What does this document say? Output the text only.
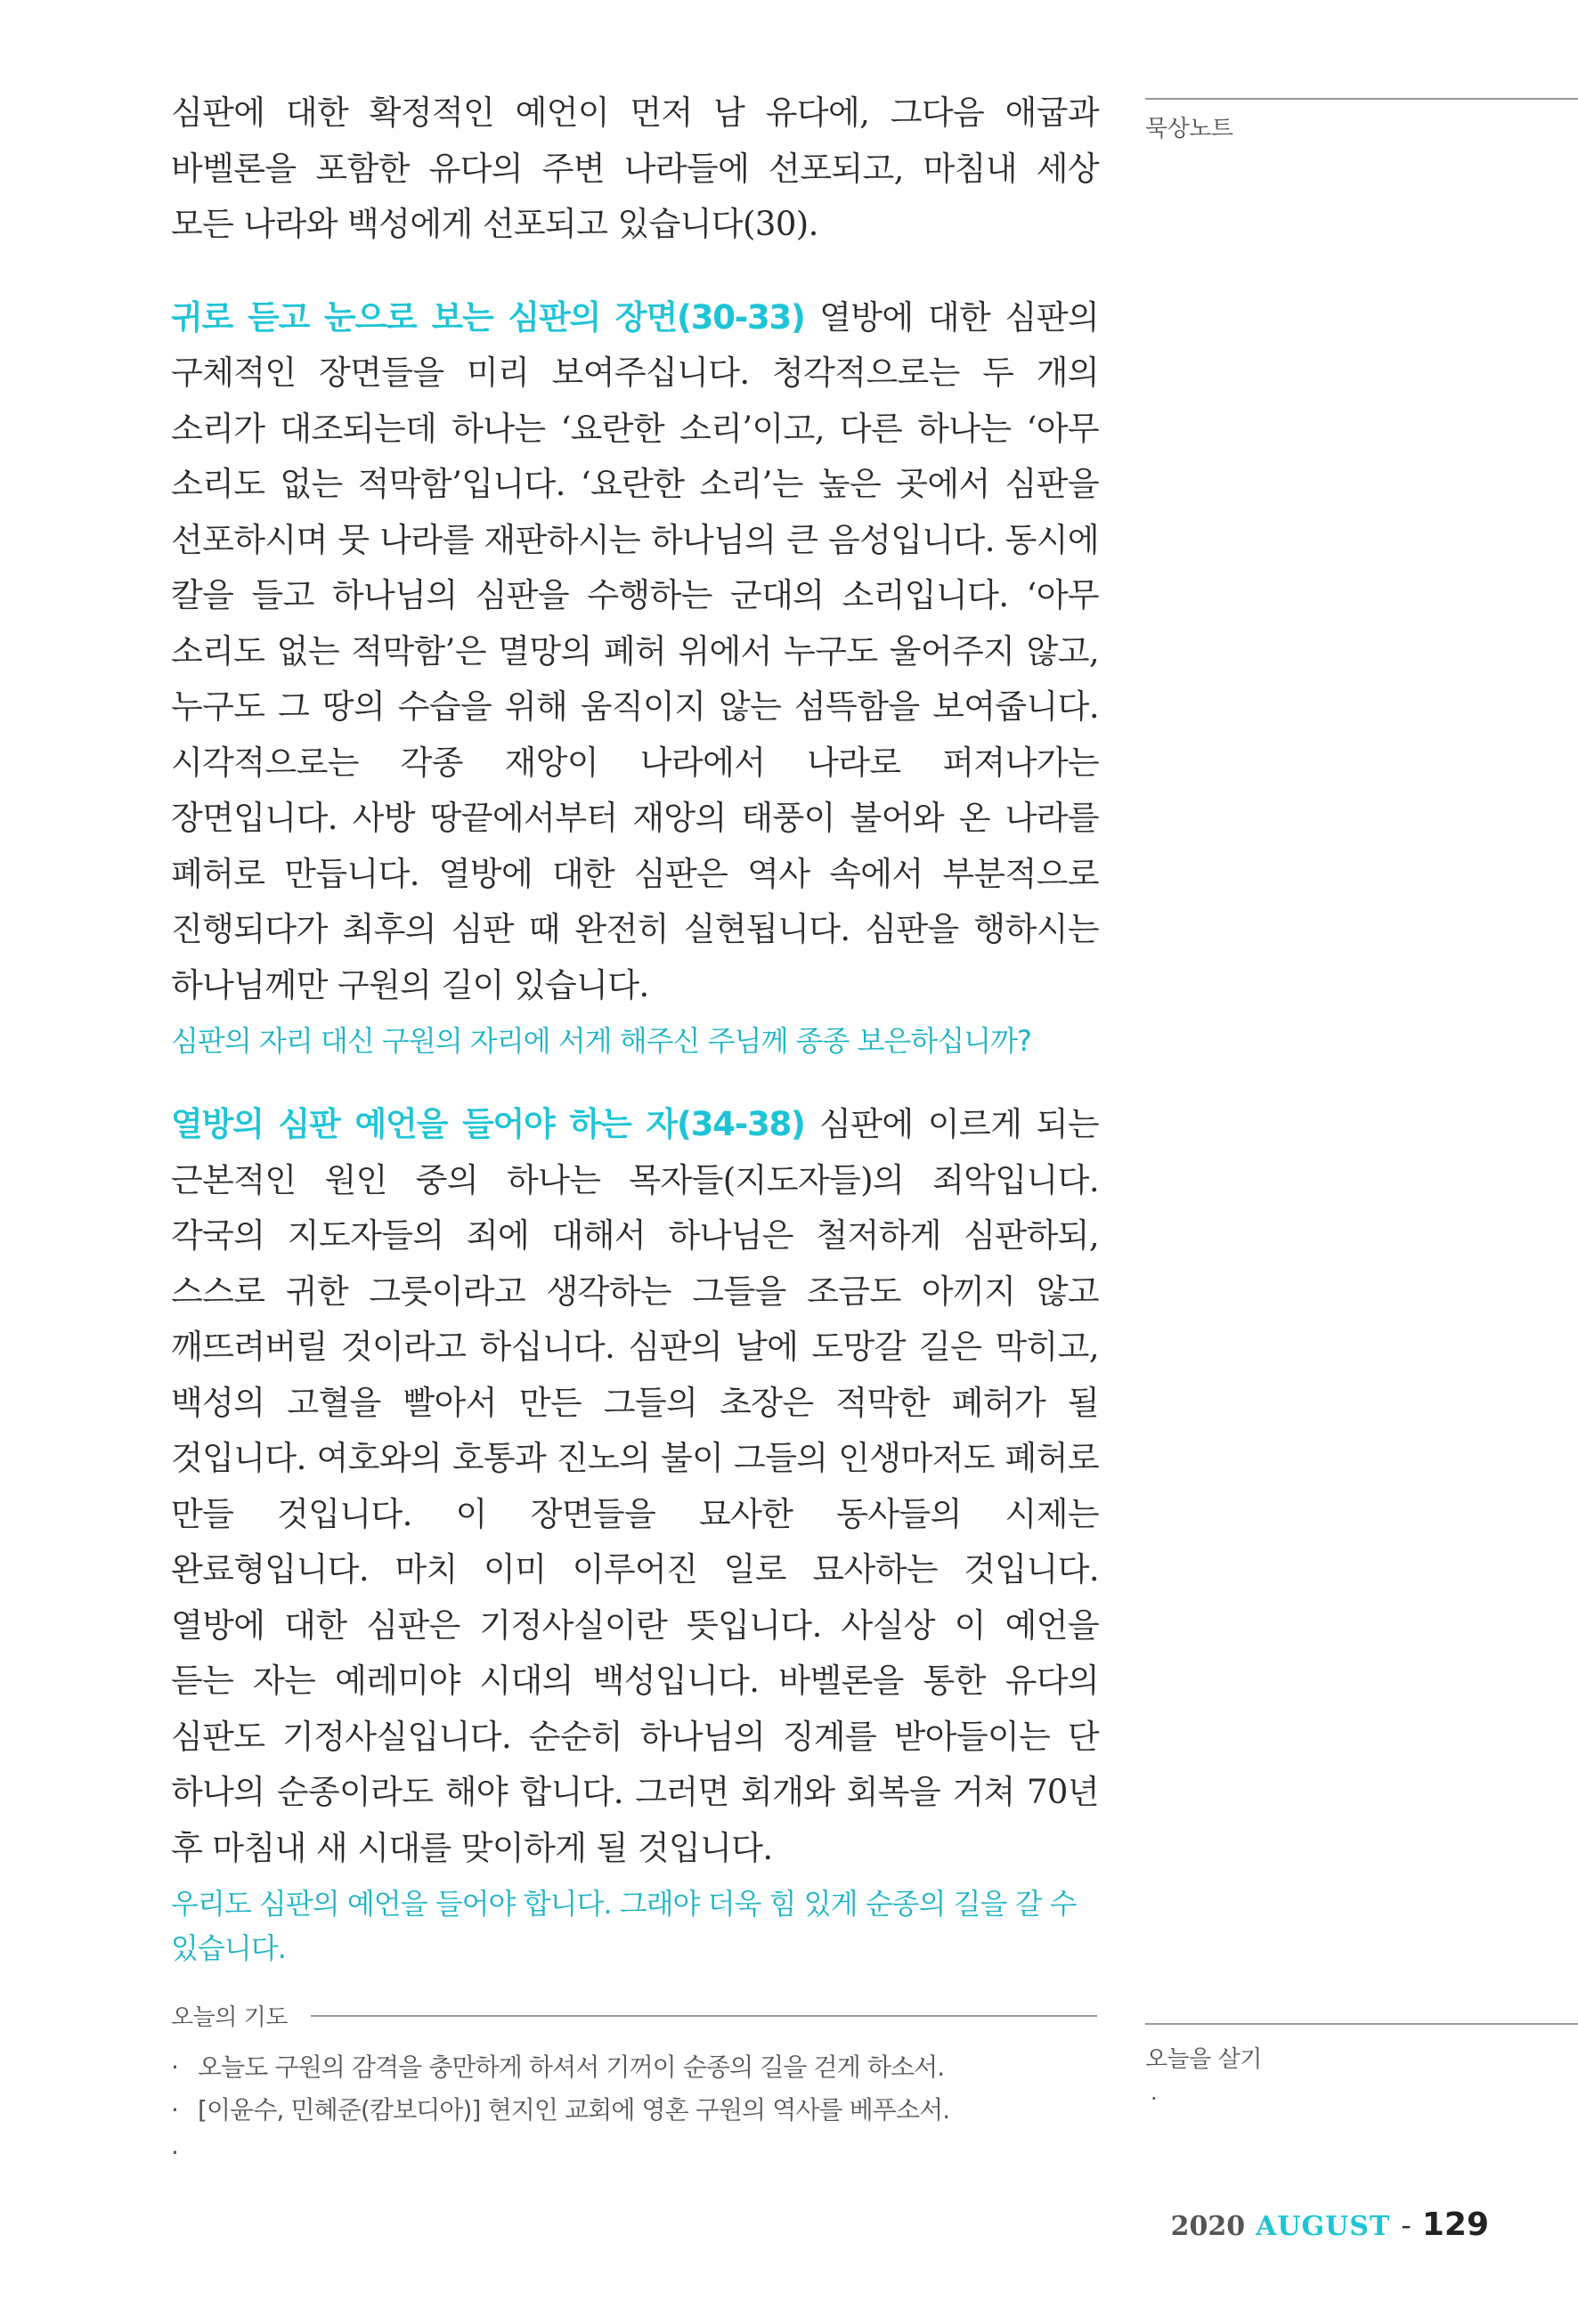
묵상노트
오늘을 살기
·

심판에 대한 확정적인 예언이 먼저 남 유다에, 그다음 애굽과 바벨론을 포함한 유다의 주변 나라들에 선포되고, 마침내 세상 모든 나라와 백성에게 선포되고 있습니다(30).

귀로 듣고 눈으로 보는 심판의 장면(30-33) 열방에 대한 심판의 구체적인 장면들을 미리 보여주십니다. 청각적으로는 두 개의 소리가 대조되는데 하나는 ‘요란한 소리’이고, 다른 하나는 ‘아무 소리도 없는 적막함’입니다. ‘요란한 소리’는 높은 곳에서 심판을 선포하시며 뭇 나라를 재판하시는 하나님의 큰 음성입니다. 동시에 칼을 들고 하나님의 심판을 수행하는 군대의 소리입니다. ‘아무 소리도 없는 적막함’은 멸망의 폐허 위에서 누구도 울어주지 않고, 누구도 그 땅의 수습을 위해 움직이지 않는 섬뜩함을 보여줍니다. 시각적으로는 각종 재앙이 나라에서 나라로 퍼져나가는 장면입니다. 사방 땅끝에서부터 재앙의 태풍이 불어와 온 나라를 폐허로 만듭니다. 열방에 대한 심판은 역사 속에서 부분적으로 진행되다가 최후의 심판 때 완전히 실현됩니다. 심판을 행하시는 하나님께만 구원의 길이 있습니다.

심판의 자리 대신 구원의 자리에 서게 해주신 주님께 종종 보은하십니까?

열방의 심판 예언을 들어야 하는 자(34-38) 심판에 이르게 되는 근본적인 원인 중의 하나는 목자들(지도자들)의 죄악입니다. 각국의 지도자들의 죄에 대해서 하나님은 철저하게 심판하되, 스스로 귀한 그릇이라고 생각하는 그들을 조금도 아끼지 않고 깨뜨려버릴 것이라고 하십니다. 심판의 날에 도망갈 길은 막히고, 백성의 고혈을 빨아서 만든 그들의 초장은 적막한 폐허가 될 것입니다. 여호와의 호통과 진노의 불이 그들의 인생마저도 폐허로 만들 것입니다. 이 장면들을 묘사한 동사들의 시제는 완료형입니다. 마치 이미 이루어진 일로 묘사하는 것입니다. 열방에 대한 심판은 기정사실이란 뜻입니다. 사실상 이 예언을 듣는 자는 예레미야 시대의 백성입니다. 바벨론을 통한 유다의 심판도 기정사실입니다. 순순히 하나님의 징계를 받아들이는 단 하나의 순종이라도 해야 합니다. 그러면 회개와 회복을 거쳐 70년 후 마침내 새 시대를 맞이하게 될 것입니다.

우리도 심판의 예언을 들어야 합니다. 그래야 더욱 힘 있게 순종의 길을 갈 수 있습니다.

오늘의 기도
· 오늘도 구원의 감격을 충만하게 하셔서 기꺼이 순종의 길을 걷게 하소서.
· [이윤수, 민혜준(캄보디아)] 현지인 교회에 영혼 구원의 역사를 베푸소서.
·
2020 AUGUST - 129
